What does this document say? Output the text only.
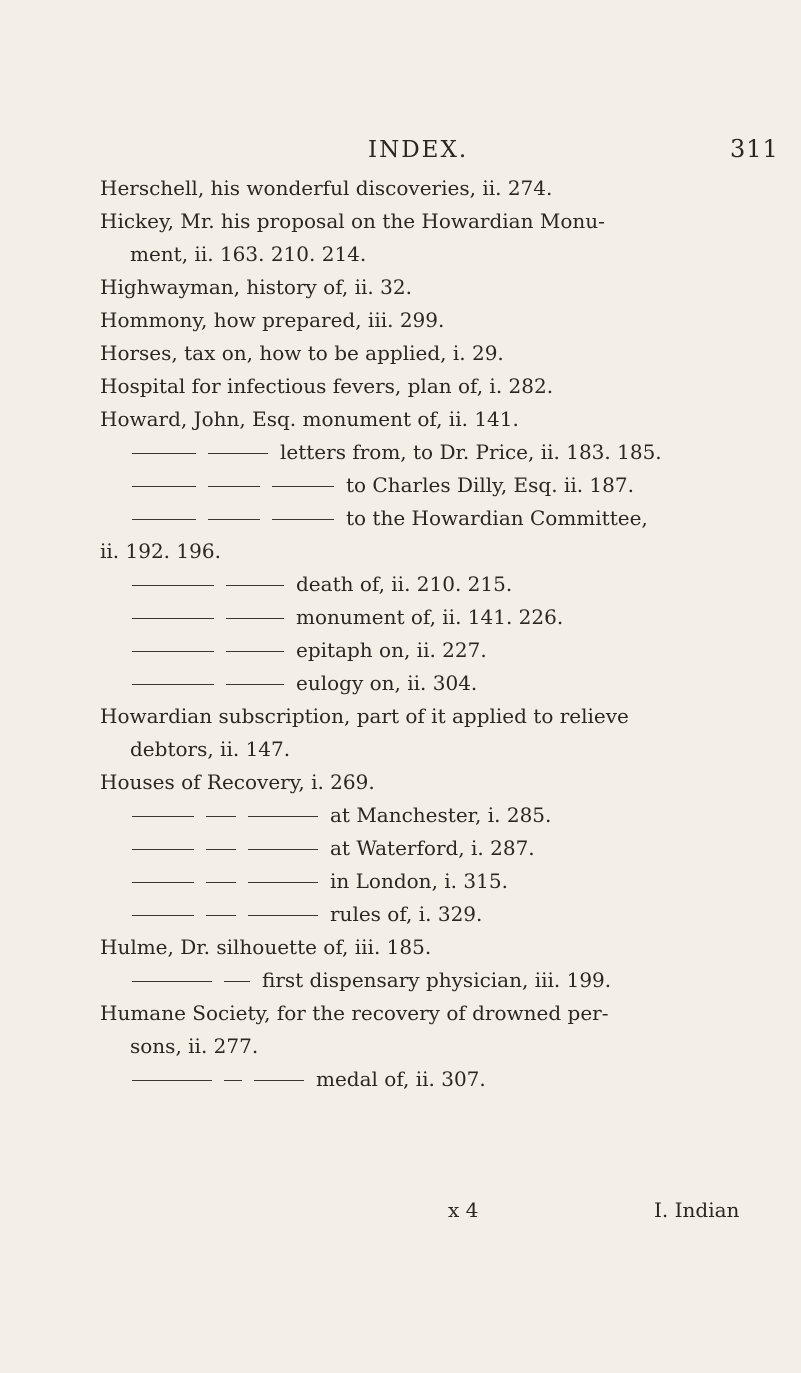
INDEX.	311
Herschell, his wonderful discoveries, ii. 274.
Hickey, Mr. his proposal on the Howardian Monu-
ment, ii. 163. 210. 214.
Highwayman, history of, ii. 32.
Hommony, how prepared, iii. 299.
Horses, tax on, how to be applied, i. 29.
Hospital for infectious fevers, plan of, i. 282.
Howard, John, Esq. monument of, ii. 141.
letters from, to Dr. Price, ii. 183. 185.
to Charles Dilly, Esq. ii. 187.
to the Howardian Committee,
ii. 192. 196.
death of, ii. 210. 215.
monument of, ii. 141. 226.
epitaph on, ii. 227.
eulogy on, ii. 304.
Howardian subscription, part of it applied to relieve
debtors, ii. 147.
Houses of Recovery, i. 269.
at Manchester, i. 285.
at Waterford, i. 287.
in London, i. 315.
rules of, i. 329.
Hulme, Dr. silhouette of, iii. 185.
first dispensary physician, iii. 199.
Humane Society, for the recovery of drowned per-
sons, ii. 277.
medal of, ii. 307.
x 4	I. Indian
